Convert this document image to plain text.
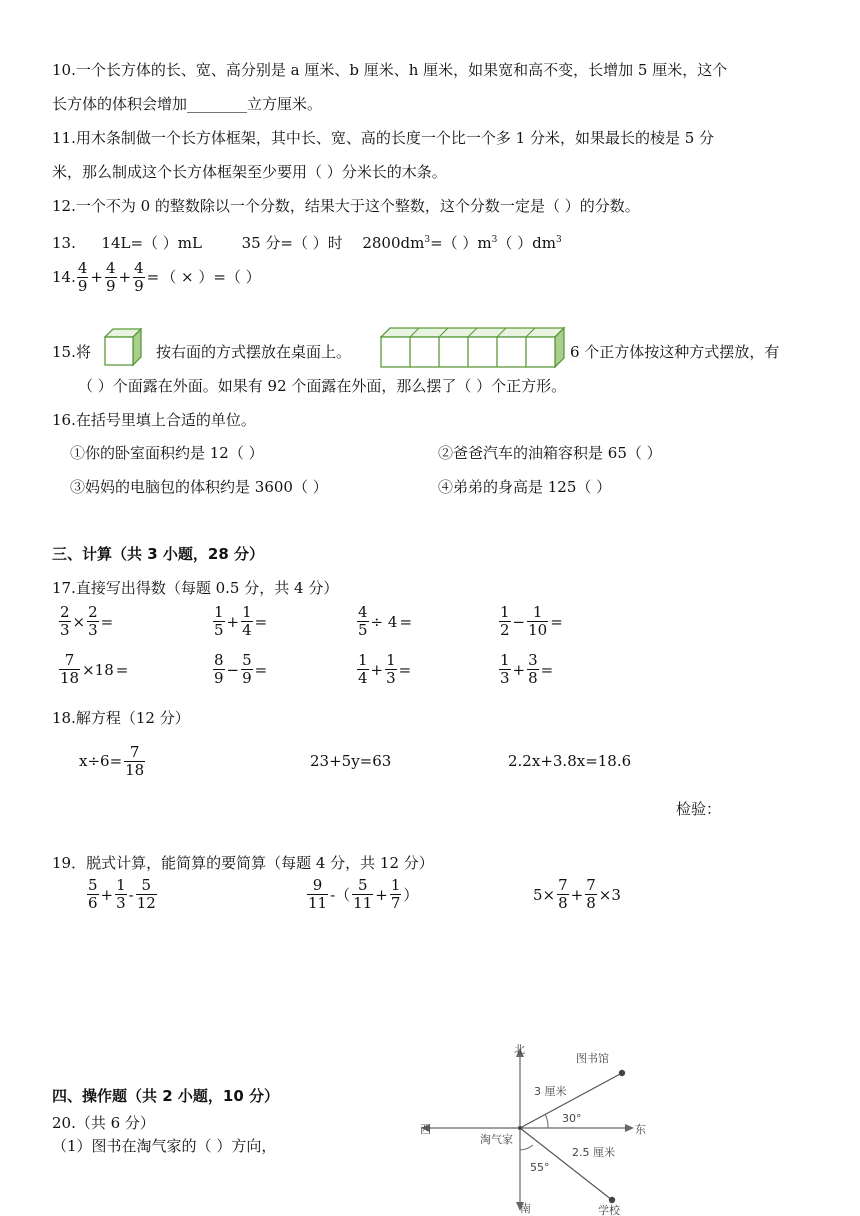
10.一个长方体的长、宽、高分别是 a 厘米、b 厘米、h 厘米，如果宽和高不变，长增加 5 厘米，这个
长方体的体积会增加________立方厘米。
11.用木条制做一个长方体框架，其中长、宽、高的长度一个比一个多 1 分米，如果最长的棱是 5 分
米，那么制成这个长方体框架至少要用（ ）分米长的木条。
12.一个不为 0 的整数除以一个分数，结果大于这个整数，这个分数一定是（ ）的分数。
13. 14L=（ ）mL	35 分=（ ）时 $2800dm^3=$（ ）$m^3$（ ）$dm^3$
14. $\frac{4}{9} + \frac{4}{9} + \frac{4}{9}$ = （ × ）=（ ）
15.将	按右面的方式摆放在桌面上。	6 个正方体按这种方式摆放，有
（ ）个面露在外面。如果有 92 个面露在外面，那么摆了（ ）个正方形。
16.在括号里填上合适的单位。
①你的卧室面积约是 12（ ）	②爸爸汽车的油箱容积是 65（ ）
③妈妈的电脑包的体积约是 3600（ ）	④弟弟的身高是 125（ ）
三、计算（共 3 小题，28 分）
17.直接写出得数（每题 0.5 分，共 4 分）
$\frac{2}{3} \times \frac{2}{3}$ =	$\frac{1}{5} + \frac{1}{4}$ =	$\frac{4}{5} \div 4$ =	$\frac{1}{2} - \frac{1}{10}$ =
$\frac{7}{18} \times 18$ =	$\frac{8}{9} - \frac{5}{9}$ =	$\frac{1}{4} + \frac{1}{3}$ =	$\frac{1}{3} + \frac{3}{8}$ =
18.解方程（12 分）
$x\div 6= \frac{7}{18}$	23+5y=63	2.2x+3.8x=18.6
检验：
19．脱式计算，能简算的要简算（每题 4 分，共 12 分）
$\frac{5}{6} + \frac{1}{3} - \frac{5}{12}$	$\frac{9}{11}$ -（ $\frac{5}{11} + \frac{1}{7}$ ）	$5\times \frac{7}{8} + \frac{7}{8} \times 3$
四、操作题（共 2 小题，10 分）
20.（共 6 分）
（1）图书在淘气家的（ ）方向，
北
南
西	东
图书馆
3 厘米
30°
淘气家
2.5 厘米
55°
学校
